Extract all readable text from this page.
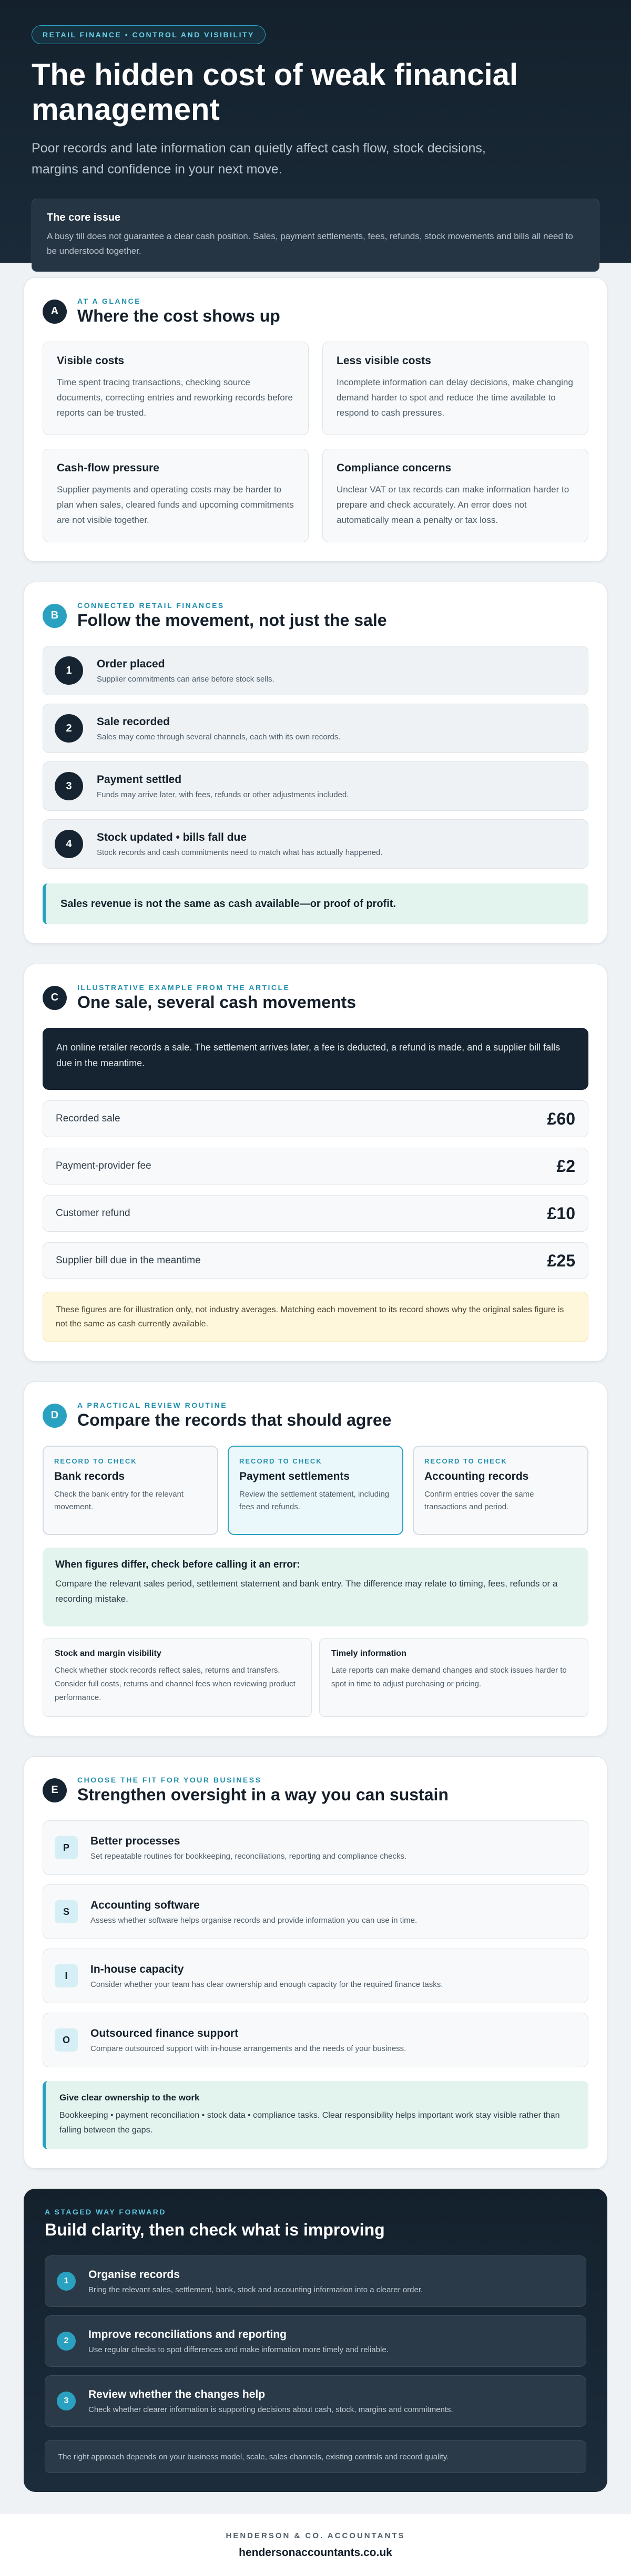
RETAIL FINANCE • CONTROL AND VISIBILITY
The hidden cost of weak financial management

Poor records and late information can quietly affect cash flow, stock decisions, margins and confidence in your next move.

The core issue
A busy till does not guarantee a clear cash position. Sales, payment settlements, fees, refunds, stock movements and bills all need to be understood together.
A
AT A GLANCE
Where the cost shows up
Visible costs
Time spent tracing transactions, checking source documents, correcting entries and reworking records before reports can be trusted.
Less visible costs
Incomplete information can delay decisions, make changing demand harder to spot and reduce the time available to respond to cash pressures.
Cash-flow pressure
Supplier payments and operating costs may be harder to plan when sales, cleared funds and upcoming commitments are not visible together.
Compliance concerns
Unclear VAT or tax records can make information harder to prepare and check accurately. An error does not automatically mean a penalty or tax loss.
B
CONNECTED RETAIL FINANCES
Follow the movement, not just the sale
1
Order placed
Supplier commitments can arise before stock sells.
2
Sale recorded
Sales may come through several channels, each with its own records.
3
Payment settled
Funds may arrive later, with fees, refunds or other adjustments included.
4
Stock updated • bills fall due
Stock records and cash commitments need to match what has actually happened.
Sales revenue is not the same as cash available—or proof of profit.
C
ILLUSTRATIVE EXAMPLE FROM THE ARTICLE
One sale, several cash movements
An online retailer records a sale. The settlement arrives later, a fee is deducted, a refund is made, and a supplier bill falls due in the meantime.
Recorded sale	£60
Payment-provider fee	£2
Customer refund	£10
Supplier bill due in the meantime	£25
These figures are for illustration only, not industry averages. Matching each movement to its record shows why the original sales figure is not the same as cash currently available.
D
A PRACTICAL REVIEW ROUTINE
Compare the records that should agree
RECORD TO CHECK
Bank records
Check the bank entry for the relevant movement.
RECORD TO CHECK
Payment settlements
Review the settlement statement, including fees and refunds.
RECORD TO CHECK
Accounting records
Confirm entries cover the same transactions and period.
When figures differ, check before calling it an error:
Compare the relevant sales period, settlement statement and bank entry. The difference may relate to timing, fees, refunds or a recording mistake.
Stock and margin visibility
Check whether stock records reflect sales, returns and transfers. Consider full costs, returns and channel fees when reviewing product performance.
Timely information
Late reports can make demand changes and stock issues harder to spot in time to adjust purchasing or pricing.
E
CHOOSE THE FIT FOR YOUR BUSINESS
Strengthen oversight in a way you can sustain
P
Better processes
Set repeatable routines for bookkeeping, reconciliations, reporting and compliance checks.
S
Accounting software
Assess whether software helps organise records and provide information you can use in time.
I
In-house capacity
Consider whether your team has clear ownership and enough capacity for the required finance tasks.
O
Outsourced finance support
Compare outsourced support with in-house arrangements and the needs of your business.
Give clear ownership to the work
Bookkeeping • payment reconciliation • stock data • compliance tasks. Clear responsibility helps important work stay visible rather than falling between the gaps.
A STAGED WAY FORWARD
Build clarity, then check what is improving
1
Organise records
Bring the relevant sales, settlement, bank, stock and accounting information into a clearer order.
2
Improve reconciliations and reporting
Use regular checks to spot differences and make information more timely and reliable.
3
Review whether the changes help
Check whether clearer information is supporting decisions about cash, stock, margins and commitments.
The right approach depends on your business model, scale, sales channels, existing controls and record quality.
HENDERSON & CO. ACCOUNTANTS
hendersonaccountants.co.uk
